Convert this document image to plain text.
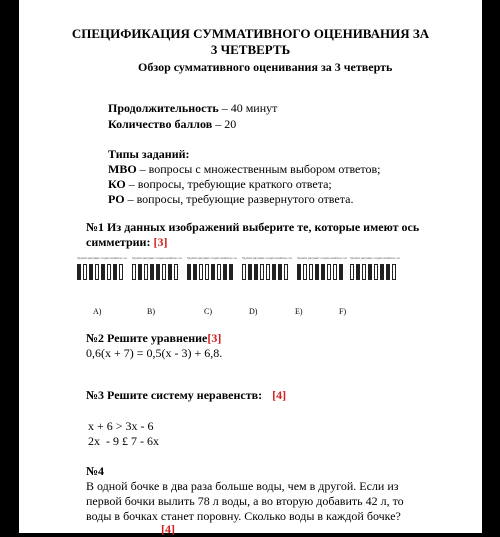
СПЕЦИФИКАЦИЯ СУММАТИВНОГО ОЦЕНИВАНИЯ ЗА
3 ЧЕТВЕРТЬ
Обзор суммативного оценивания за 3 четверть
Продолжительность – 40 минут
Количество баллов – 20
Типы заданий:
МВО – вопросы с множественным выбором ответов;
КО – вопросы, требующие краткого ответа;
РО – вопросы, требующие развернутого ответа.
№1 Из данных изображений выберите те, которые имеют ось
симметрии: [3]
Удалите рисунки: создать нечётное сол	Удалите рисунки: создать нечётное сол	Удалите рисунки: создать нечётное сол	Удалите рисунки: создать нечётное сол	Удалите рисунки: создать нечётное сол	Удалите рисунки: создать нечётное сол
A)	B)	C)	D)	E)	F)
№2 Решите уравнение[3]
0,6(х + 7) = 0,5(х - 3) + 6,8.
№3 Решите систему неравенств: [4]
x + 6 > 3x - 6
2x  - 9 £ 7 - 6x
№4
В одной бочке в два раза больше воды, чем в другой. Если из
первой бочки вылить 78 л воды, а во вторую добавить 42 л, то
воды в бочках станет поровну. Сколько воды в каждой бочке?
[4]
